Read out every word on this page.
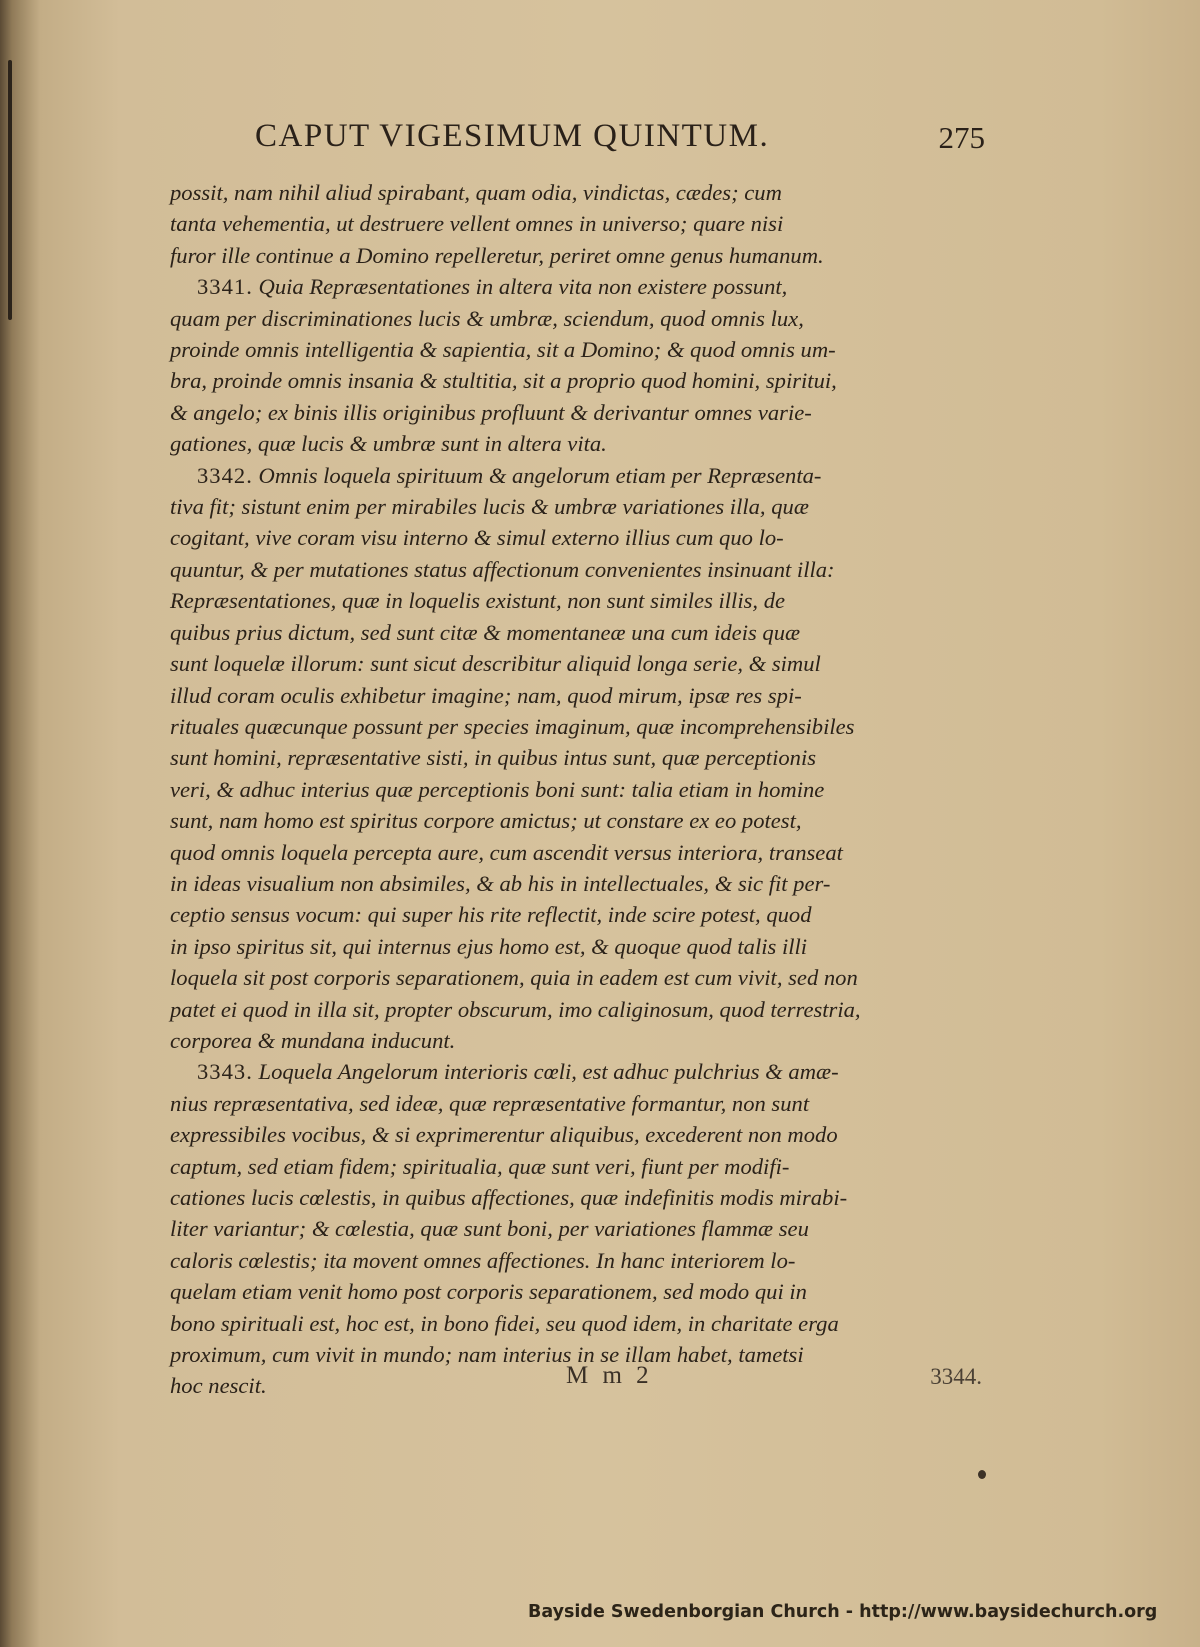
CAPUT VIGESIMUM QUINTUM.	275

possit, nam nihil aliud spirabant, quam odia, vindictas, cædes; cum

tanta vehementia, ut destruere vellent omnes in universo; quare nisi

furor ille continue a Domino repelleretur, periret omne genus humanum.

3341. Quia Repræsentationes in altera vita non existere possunt,

quam per discriminationes lucis & umbræ, sciendum, quod omnis lux,

proinde omnis intelligentia & sapientia, sit a Domino; & quod omnis um-

bra, proinde omnis insania & stultitia, sit a proprio quod homini, spiritui,

& angelo; ex binis illis originibus profluunt & derivantur omnes varie-

gationes, quæ lucis & umbræ sunt in altera vita.

3342. Omnis loquela spirituum & angelorum etiam per Repræsenta-

tiva fit; sistunt enim per mirabiles lucis & umbræ variationes illa, quæ

cogitant, vive coram visu interno & simul externo illius cum quo lo-

quuntur, & per mutationes status affectionum convenientes insinuant illa:

Repræsentationes, quæ in loquelis existunt, non sunt similes illis, de

quibus prius dictum, sed sunt citæ & momentaneæ una cum ideis quæ

sunt loquelæ illorum: sunt sicut describitur aliquid longa serie, & simul

illud coram oculis exhibetur imagine; nam, quod mirum, ipsæ res spi-

rituales quæcunque possunt per species imaginum, quæ incomprehensibiles

sunt homini, repræsentative sisti, in quibus intus sunt, quæ perceptionis

veri, & adhuc interius quæ perceptionis boni sunt: talia etiam in homine

sunt, nam homo est spiritus corpore amictus; ut constare ex eo potest,

quod omnis loquela percepta aure, cum ascendit versus interiora, transeat

in ideas visualium non absimiles, & ab his in intellectuales, & sic fit per-

ceptio sensus vocum: qui super his rite reflectit, inde scire potest, quod

in ipso spiritus sit, qui internus ejus homo est, & quoque quod talis illi

loquela sit post corporis separationem, quia in eadem est cum vivit, sed non

patet ei quod in illa sit, propter obscurum, imo caliginosum, quod terrestria,

corporea & mundana inducunt.

3343. Loquela Angelorum interioris cœli, est adhuc pulchrius & amæ-

nius repræsentativa, sed ideæ, quæ repræsentative formantur, non sunt

expressibiles vocibus, & si exprimerentur aliquibus, excederent non modo

captum, sed etiam fidem; spiritualia, quæ sunt veri, fiunt per modifi-

cationes lucis cœlestis, in quibus affectiones, quæ indefinitis modis mirabi-

liter variantur; & cœlestia, quæ sunt boni, per variationes flammæ seu

caloris cœlestis; ita movent omnes affectiones. In hanc interiorem lo-

quelam etiam venit homo post corporis separationem, sed modo qui in

bono spirituali est, hoc est, in bono fidei, seu quod idem, in charitate erga

proximum, cum vivit in mundo; nam interius in se illam habet, tametsi

hoc nescit.	M m 2	3344.
Bayside Swedenborgian Church - http://www.baysidechurch.org
